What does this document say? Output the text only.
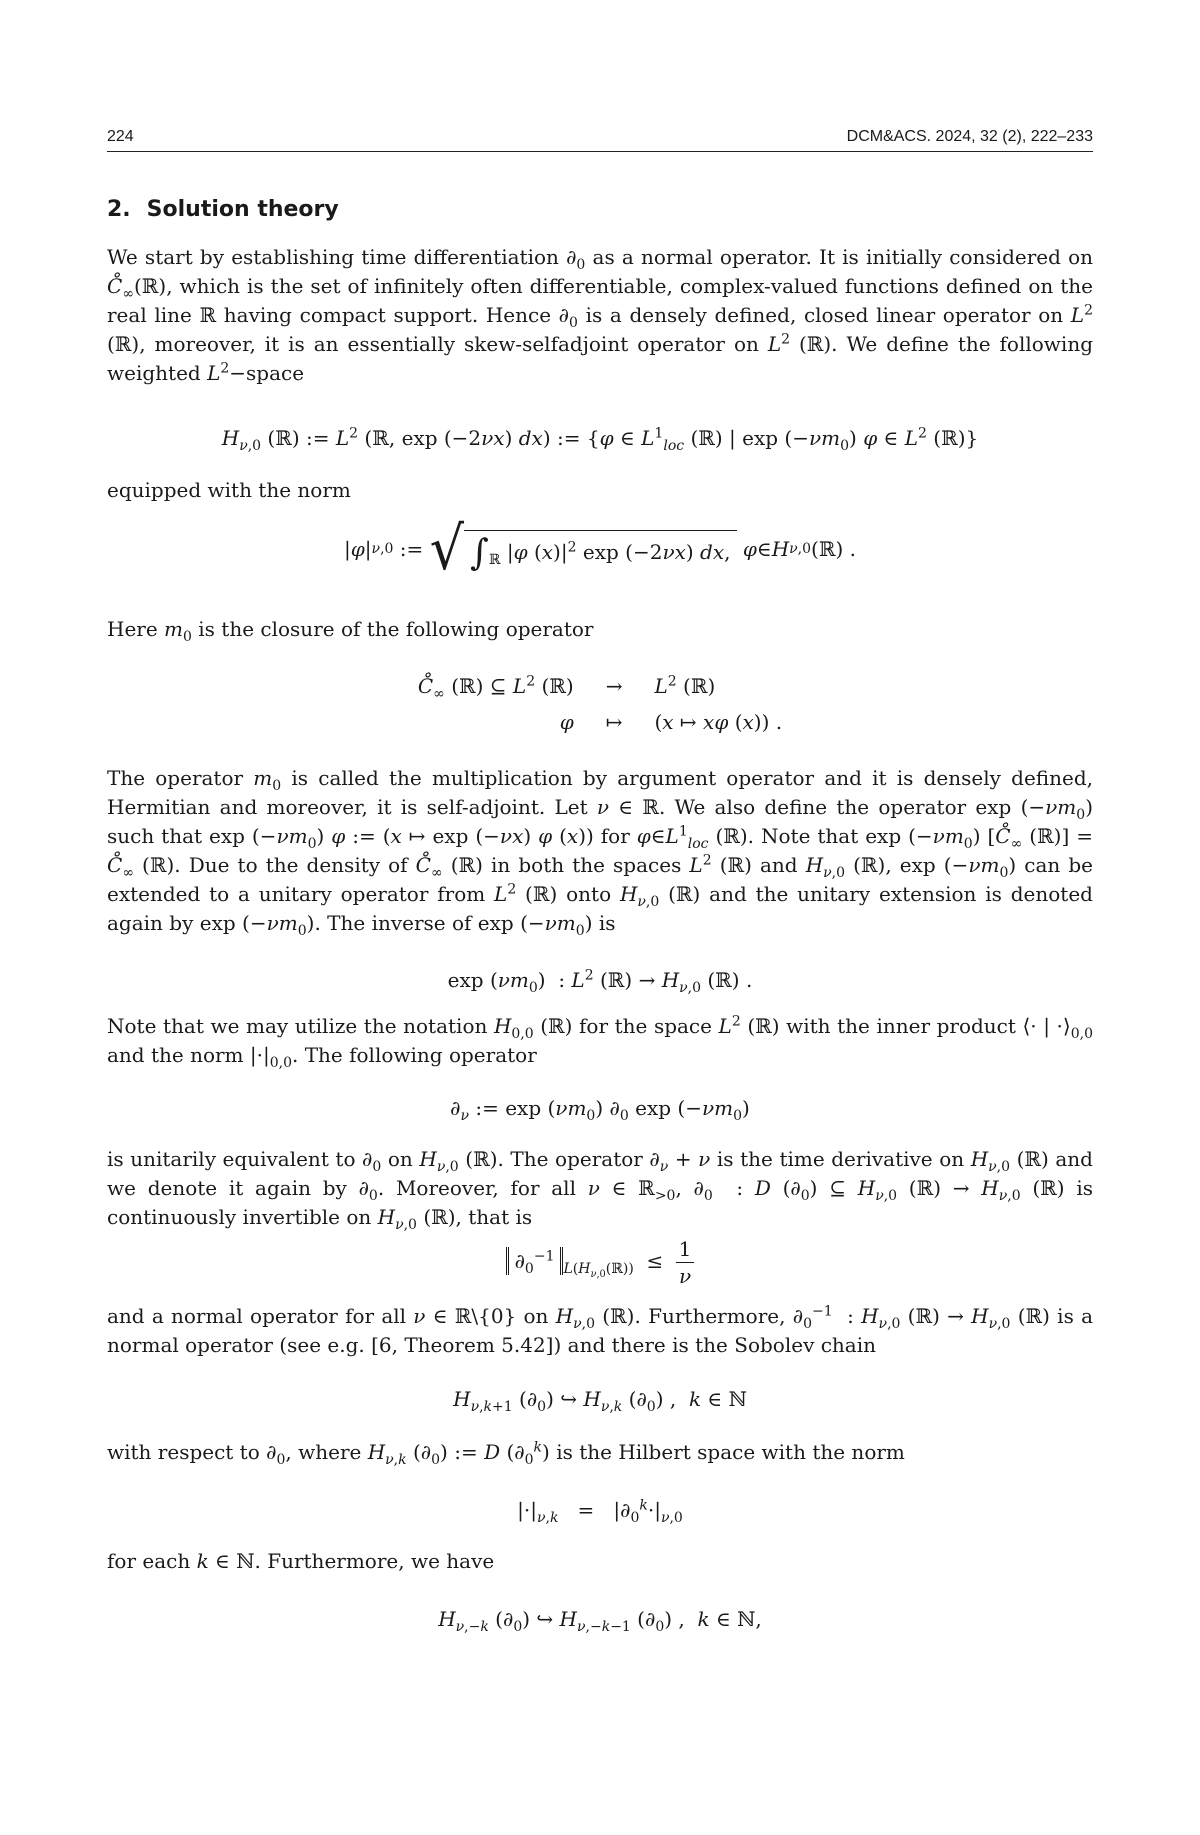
224	DCM&ACS. 2024, 32 (2), 222–233
2. Solution theory

We start by establishing time differentiation $\partial_0$ as a normal operator. It is initially considered on $C̊_\infty(ℝ)$, which is the set of infinitely often differentiable, complex-valued functions defined on the real line ℝ having compact support. Hence $\partial_0$ is a densely defined, closed linear operator on $L^2$ (ℝ), moreover, it is an essentially skew-selfadjoint operator on $L^2$ (ℝ). We define the following weighted $L^2-space$

$H_{\nu,0}$ (ℝ) := $L^2$ (ℝ, exp (−2νx) dx) := {φ ∈ $L^1_{loc}$ (ℝ) | $\exp (-\nu m_0)$ φ ∈ $L^2$ (ℝ)}

equipped with the norm

| φ | ν,0 := √ $\int_ℝ$ |φ $(x)|^2$ exp (−2νx) dx,
φ ∈ H ν,0 (ℝ) .

Here $m_0$ is the closure of the following operator

$C̊_\infty$ (ℝ) ⊆ $L^2$ (ℝ)	→	$L^2$ (ℝ)
φ	↦	(x ↦ xφ (x)) .

The operator $m_0$ is called the multiplication by argument operator and it is densely defined, Hermitian and moreover, it is self-adjoint. Let ν ∈ ℝ. We also define the operator $\exp (-\nu m_0)$ such that $\exp (-\nu m_0)$ φ := (x ↦ exp (−νx) φ (x)) for $\varphi\in L^1_{loc}$ (ℝ). Note that $\exp (-\nu m_0)$ [$C̊_\infty$ (ℝ)] = $C̊_\infty$ (ℝ). Due to the density of $C̊_\infty$ (ℝ) in both the spaces $L^2$ (ℝ) and $H_{\nu,0}$ (ℝ), $\exp (-\nu m_0)$ can be extended to a unitary operator from $L^2$ (ℝ) onto $H_{\nu,0}$ (ℝ) and the unitary extension is denoted again by $\exp (-\nu m_0)$. The inverse of $\exp (-\nu m_0)$ is

$\exp (\nu m_0)$  : $L^2$ (ℝ) → $H_{\nu,0}$ (ℝ) .

Note that we may utilize the notation $H_{0,0}$ (ℝ) for the space $L^2$ (ℝ) with the inner product ⟨· | $\cdot⟩_{0,0}$ and the norm $|\cdot|_{0,0}$. The following operator

$\partial_\nu$ := $\exp (\nu m_0)$ $\partial_0$ $\exp (-\nu m_0)$

is unitarily equivalent to $\partial_0$ on $H_{\nu,0}$ (ℝ). The operator $\partial_\nu + \nu$ is the time derivative on $H_{\nu,0}$ (ℝ) and we denote it again by $\partial_0$. Moreover, for all ν ∈ ℝ$_{>0}$, $\partial_0$  : D $(\partial_0)$ ⊆ $H_{\nu,0}$ (ℝ) → $H_{\nu,0}$ (ℝ) is continuously invertible on $H_{\nu,0}$ (ℝ), that is

$\partial_0^{-1}_{L(H_{\nu,0}(ℝ))} \le \frac{1}{\nu}$

and a normal operator for all ν ∈ ℝ\{0} on $H_{\nu,0}$ (ℝ). Furthermore, $\partial_0^{-1}$  : $H_{\nu,0}$ (ℝ) → $H_{\nu,0}$ (ℝ) is a normal operator (see e.g. [6, Theorem 5.42]) and there is the Sobolev chain

$H_{\nu,k+1}$ $(\partial_0)$ ↪ $H_{\nu,k}$ $(\partial_0)$ ,  k ∈ ℕ

with respect to $\partial_0$, where $H_{\nu,k}$ $(\partial_0)$ := D $(\partial_0^k)$ is the Hilbert space with the norm

$|\cdot|_{\nu,k} = |\partial_0^k\cdot|_{\nu,0}$

for each k ∈ ℕ. Furthermore, we have

$H_{\nu,-k}$ $(\partial_0)$ ↪ $H_{\nu,-k-1}$ $(\partial_0)$ ,  k ∈ ℕ,
